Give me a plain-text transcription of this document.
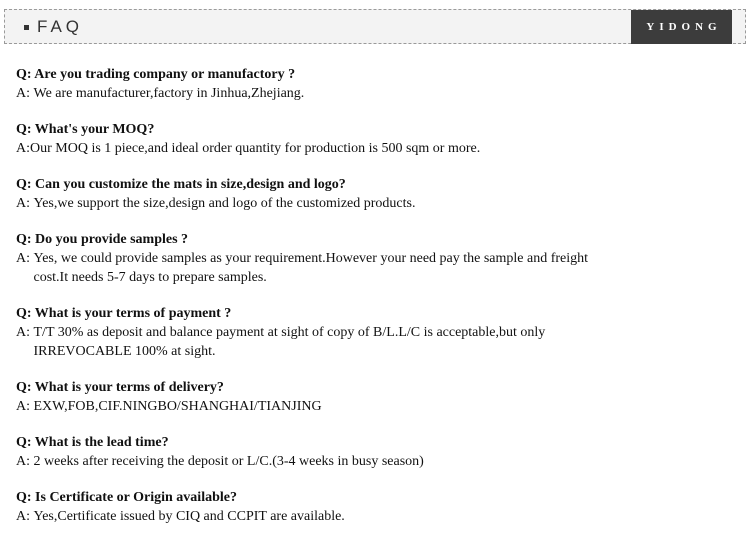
FAQ	YIDONG
Q: Are you trading company or manufactory ?
A: We are manufacturer,factory in Jinhua,Zhejiang.
Q: What's your MOQ?
A: Our MOQ is 1 piece,and ideal order quantity for production is 500 sqm or more.
Q: Can you customize the mats in size,design and logo?
A: Yes,we support the size,design and logo of the customized products.
Q: Do you provide samples ?
A: Yes, we could provide samples as your requirement.However your need pay the sample and freight
cost.It needs 5-7 days to prepare samples.
Q: What is your terms of payment ?
A: T/T 30% as deposit and balance payment at sight of copy of B/L.L/C is acceptable,but only
IRREVOCABLE 100% at sight.
Q: What is your terms of delivery?
A: EXW,FOB,CIF.NINGBO/SHANGHAI/TIANJING
Q: What is the lead time?
A: 2 weeks after receiving the deposit or L/C.(3-4 weeks in busy season)
Q: Is Certificate or Origin available?
A: Yes,Certificate issued by CIQ and CCPIT are available.
